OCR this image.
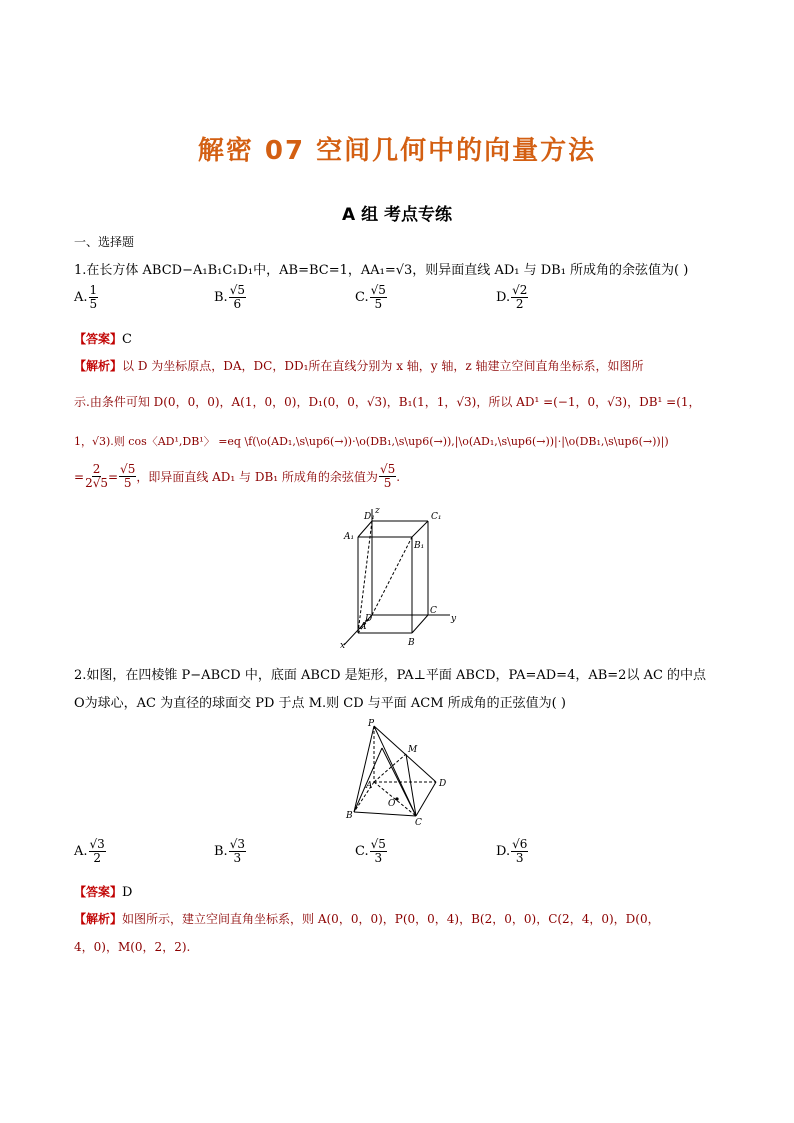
解密 07 空间几何中的向量方法
A 组 考点专练
一、选择题
1.在长方体 ABCD−A₁B₁C₁D₁中，AB=BC=1，AA₁=√3，则异面直线 AD₁ 与 DB₁ 所成角的余弦值为( )
A. $\frac{1}{5}$	B. $\frac{√5}{6}$	C. $\frac{√5}{5}$	D. $\frac{√2}{2}$
【答案】C
【解析】以 D 为坐标原点，DA，DC，DD₁所在直线分别为 x 轴，y 轴，z 轴建立空间直角坐标系，如图所
示.由条件可知 D(0，0，0)，A(1，0，0)，D₁(0，0，√3)，B₁(1，1，√3)，所以 AD¹ =(−1，0，√3)，DB¹ =(1，
1，√3).则 cos〈AD¹,DB¹〉 =eq \f(\o(AD₁,\s\up6(→))·\o(DB₁,\s\up6(→)),|\o(AD₁,\s\up6(→))|·|\o(DB₁,\s\up6(→))|)
= $\frac{2}{2√5} = \frac{√5}{5}$ ，即异面直线 AD₁ 与 DB₁ 所成角的余弦值为 $\frac{√5}{5}$ .
D₁	C₁
A₁
B₁
C
D
A
B
x
y
z
2.如图，在四棱锥 P−ABCD 中，底面 ABCD 是矩形，PA⊥平面 ABCD，PA=AD=4，AB=2以 AC 的中点
O为球心，AC 为直径的球面交 PD 于点 M.则 CD 与平面 ACM 所成角的正弦值为( )
P
M
A	D
O
B
C
A. $\frac{√3}{2}$	B. $\frac{√3}{3}$	C. $\frac{√5}{3}$	D. $\frac{√6}{3}$
【答案】D
【解析】如图所示，建立空间直角坐标系，则 A(0，0，0)，P(0，0，4)，B(2，0，0)，C(2，4，0)，D(0，
4，0)，M(0，2，2).
